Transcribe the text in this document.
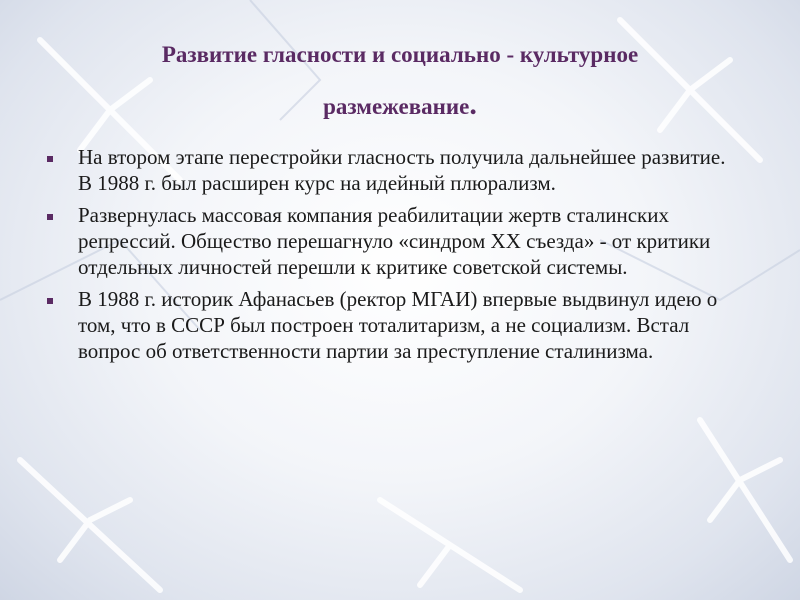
Развитие гласности и социально - культурное
размежевание.
На втором этапе перестройки гласность получила дальнейшее развитие. В 1988 г. был расширен курс на идейный плюрализм.
Развернулась массовая компания реабилитации жертв сталинских репрессий. Общество перешагнуло «синдром XX съезда» - от критики отдельных личностей перешли к критике советской системы.
В 1988 г. историк Афанасьев (ректор МГАИ) впервые выдвинул идею о том, что в СССР был построен тоталитаризм, а не социализм. Встал вопрос об ответственности партии за преступление сталинизма.
